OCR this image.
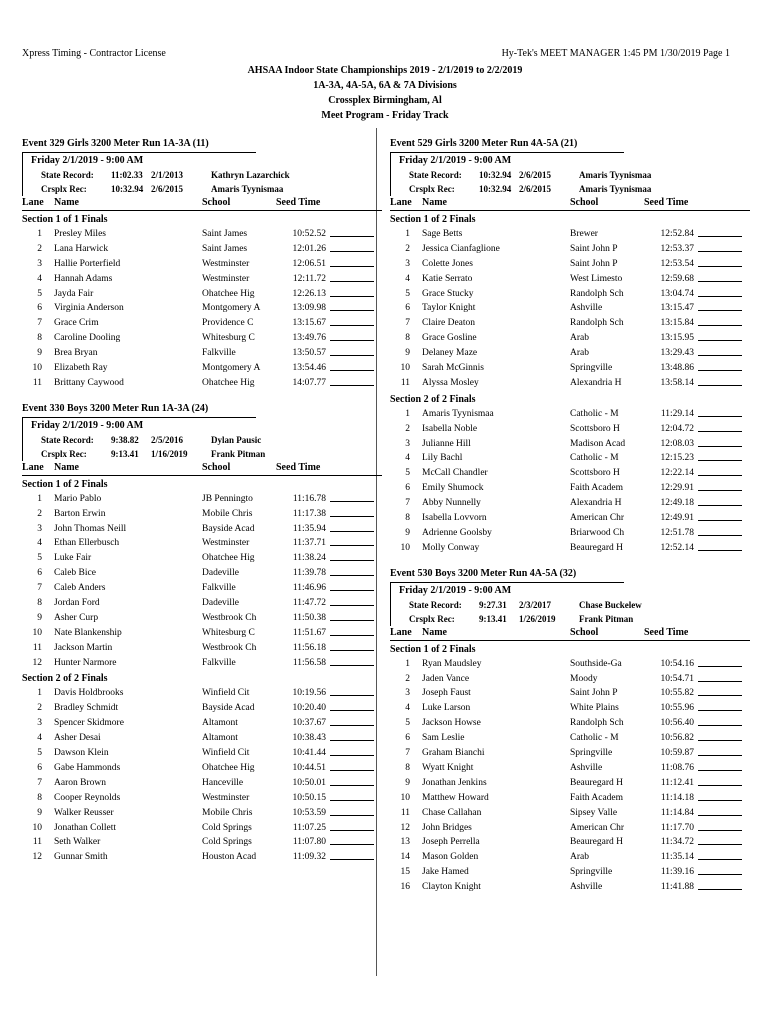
Xpress Timing - Contractor License	Hy-Tek's MEET MANAGER 1:45 PM 1/30/2019 Page 1
AHSAA Indoor State Championships 2019 - 2/1/2019 to 2/2/2019
1A-3A, 4A-5A, 6A & 7A Divisions
Crossplex Birmingham, Al
Meet Program - Friday Track
Event 329 Girls 3200 Meter Run 1A-3A (11)
Friday 2/1/2019 - 9:00 AM
State Record: 11:02.33 2/1/2013	Kathryn Lazarchick
Crsplx Rec:	10:32.94 2/6/2015	Amaris Tyynismaa
Lane Name	School	Seed Time
Section 1 of 1 Finals
1 Presley Miles	Saint James	10:52.52
2 Lana Harwick	Saint James	12:01.26
3 Hallie Porterfield	Westminster	12:06.51
4 Hannah Adams	Westminster	12:11.72
5 Jayda Fair	Ohatchee Hig	12:26.13
6 Virginia Anderson	Montgomery A	13:09.98
7 Grace Crim	Providence C	13:15.67
8 Caroline Dooling	Whitesburg C	13:49.76
9 Brea Bryan	Falkville	13:50.57
10 Elizabeth Ray	Montgomery A	13:54.46
11 Brittany Caywood	Ohatchee Hig	14:07.77
Event 330 Boys 3200 Meter Run 1A-3A (24)
Friday 2/1/2019 - 9:00 AM
State Record: 9:38.82 2/5/2016	Dylan Pausic
Crsplx Rec:	9:13.41 1/16/2019	Frank Pitman
Lane Name	School	Seed Time
Section 1 of 2 Finals
1 Mario Pablo	JB Penningto	11:16.78
2 Barton Erwin	Mobile Chris	11:17.38
3 John Thomas Neill	Bayside Acad	11:35.94
4 Ethan Ellerbusch	Westminster	11:37.71
5 Luke Fair	Ohatchee Hig	11:38.24
6 Caleb Bice	Dadeville	11:39.78
7 Caleb Anders	Falkville	11:46.96
8 Jordan Ford	Dadeville	11:47.72
9 Asher Curp	Westbrook Ch	11:50.38
10 Nate Blankenship	Whitesburg C	11:51.67
11 Jackson Martin	Westbrook Ch	11:56.18
12 Hunter Narmore	Falkville	11:56.58
Section 2 of 2 Finals
1 Davis Holdbrooks	Winfield Cit	10:19.56
2 Bradley Schmidt	Bayside Acad	10:20.40
3 Spencer Skidmore	Altamont	10:37.67
4 Asher Desai	Altamont	10:38.43
5 Dawson Klein	Winfield Cit	10:41.44
6 Gabe Hammonds	Ohatchee Hig	10:44.51
7 Aaron Brown	Hanceville	10:50.01
8 Cooper Reynolds	Westminster	10:50.15
9 Walker Reusser	Mobile Chris	10:53.59
10 Jonathan Collett	Cold Springs	11:07.25
11 Seth Walker	Cold Springs	11:07.80
12 Gunnar Smith	Houston Acad	11:09.32
Event 529 Girls 3200 Meter Run 4A-5A (21)
Friday 2/1/2019 - 9:00 AM
State Record: 10:32.94 2/6/2015	Amaris Tyynismaa
Crsplx Rec:	10:32.94 2/6/2015	Amaris Tyynismaa
Lane Name	School	Seed Time
Section 1 of 2 Finals
1 Sage Betts	Brewer	12:52.84
2 Jessica Cianfaglione	Saint John P	12:53.37
3 Colette Jones	Saint John P	12:53.54
4 Katie Serrato	West Limesto	12:59.68
5 Grace Stucky	Randolph Sch	13:04.74
6 Taylor Knight	Ashville	13:15.47
7 Claire Deaton	Randolph Sch	13:15.84
8 Grace Gosline	Arab	13:15.95
9 Delaney Maze	Arab	13:29.43
10 Sarah McGinnis	Springville	13:48.86
11 Alyssa Mosley	Alexandria H	13:58.14
Section 2 of 2 Finals
1 Amaris Tyynismaa	Catholic - M	11:29.14
2 Isabella Noble	Scottsboro H	12:04.72
3 Julianne Hill	Madison Acad	12:08.03
4 Lily Bachl	Catholic - M	12:15.23
5 McCall Chandler	Scottsboro H	12:22.14
6 Emily Shumock	Faith Academ	12:29.91
7 Abby Nunnelly	Alexandria H	12:49.18
8 Isabella Lovvorn	American Chr	12:49.91
9 Adrienne Goolsby	Briarwood Ch	12:51.78
10 Molly Conway	Beauregard H	12:52.14
Event 530 Boys 3200 Meter Run 4A-5A (32)
Friday 2/1/2019 - 9:00 AM
State Record: 9:27.31 2/3/2017	Chase Buckelew
Crsplx Rec:	9:13.41 1/26/2019	Frank Pitman
Lane Name	School	Seed Time
Section 1 of 2 Finals
1 Ryan Maudsley	Southside-Ga	10:54.16
2 Jaden Vance	Moody	10:54.71
3 Joseph Faust	Saint John P	10:55.82
4 Luke Larson	White Plains	10:55.96
5 Jackson Howse	Randolph Sch	10:56.40
6 Sam Leslie	Catholic - M	10:56.82
7 Graham Bianchi	Springville	10:59.87
8 Wyatt Knight	Ashville	11:08.76
9 Jonathan Jenkins	Beauregard H	11:12.41
10 Matthew Howard	Faith Academ	11:14.18
11 Chase Callahan	Sipsey Valle	11:14.84
12 John Bridges	American Chr	11:17.70
13 Joseph Perrella	Beauregard H	11:34.72
14 Mason Golden	Arab	11:35.14
15 Jake Hamed	Springville	11:39.16
16 Clayton Knight	Ashville	11:41.88
